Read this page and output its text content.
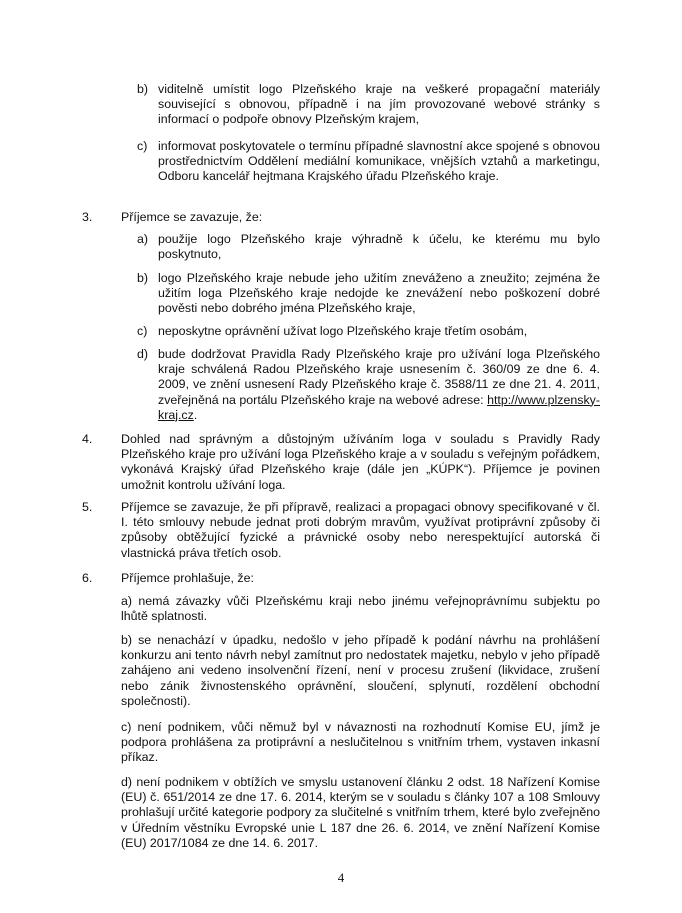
b) viditelně umístit logo Plzeňského kraje na veškeré propagační materiály související s obnovou, případně i na jím provozované webové stránky s informací o podpoře obnovy Plzeňským krajem,

c) informovat poskytovatele o termínu případné slavnostní akce spojené s obnovou prostřednictvím Oddělení mediální komunikace, vnějších vztahů a marketingu, Odboru kancelář hejtmana Krajského úřadu Plzeňského kraje.

3. Příjemce se zavazuje, že:

a) použije logo Plzeňského kraje výhradně k účelu, ke kterému mu bylo poskytnuto,

b) logo Plzeňského kraje nebude jeho užitím zneváženo a zneužito; zejména že užitím loga Plzeňského kraje nedojde ke znevážení nebo poškození dobré pověsti nebo dobrého jména Plzeňského kraje,

c) neposkytne oprávnění užívat logo Plzeňského kraje třetím osobám,

d) bude dodržovat Pravidla Rady Plzeňského kraje pro užívání loga Plzeňského kraje schválená Radou Plzeňského kraje usnesením č. 360/09 ze dne 6. 4. 2009, ve znění usnesení Rady Plzeňského kraje č. 3588/11 ze dne 21. 4. 2011, zveřejněná na portálu Plzeňského kraje na webové adrese: http://www.plzensky-kraj.cz.

4. Dohled nad správným a důstojným užíváním loga v souladu s Pravidly Rady Plzeňského kraje pro užívání loga Plzeňského kraje a v souladu s veřejným pořádkem, vykonává Krajský úřad Plzeňského kraje (dále jen „KÚPK“). Příjemce je povinen umožnit kontrolu užívání loga.

5. Příjemce se zavazuje, že při přípravě, realizaci a propagaci obnovy specifikované v čl. I. této smlouvy nebude jednat proti dobrým mravům, využívat protiprávní způsoby či způsoby obtěžující fyzické a právnické osoby nebo nerespektující autorská či vlastnická práva třetích osob.

6. Příjemce prohlašuje, že:

a) nemá závazky vůči Plzeňskému kraji nebo jinému veřejnoprávnímu subjektu po lhůtě splatnosti.

b) se nenachází v úpadku, nedošlo v jeho případě k podání návrhu na prohlášení konkurzu ani tento návrh nebyl zamítnut pro nedostatek majetku, nebylo v jeho případě zahájeno ani vedeno insolvenční řízení, není v procesu zrušení (likvidace, zrušení nebo zánik živnostenského oprávnění, sloučení, splynutí, rozdělení obchodní společnosti).

c) není podnikem, vůči němuž byl v návaznosti na rozhodnutí Komise EU, jímž je podpora prohlášena za protiprávní a neslučitelnou s vnitřním trhem, vystaven inkasní příkaz.

d) není podnikem v obtížích ve smyslu ustanovení článku 2 odst. 18 Nařízení Komise (EU) č. 651/2014 ze dne 17. 6. 2014, kterým se v souladu s články 107 a 108 Smlouvy prohlašují určité kategorie podpory za slučitelné s vnitřním trhem, které bylo zveřejněno v Úředním věstníku Evropské unie L 187 dne 26. 6. 2014, ve znění Nařízení Komise (EU) 2017/1084 ze dne 14. 6. 2017.

4
